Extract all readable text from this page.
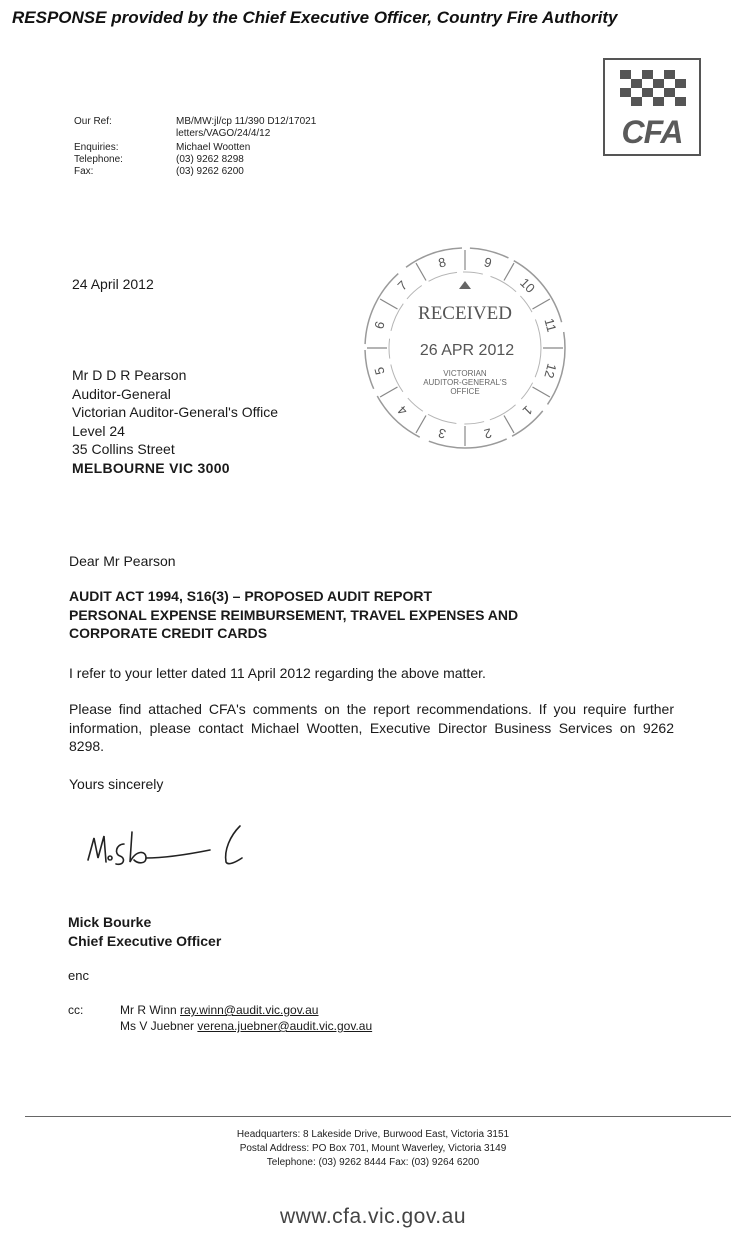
RESPONSE provided by the Chief Executive Officer, Country Fire Authority
Our Ref:	MB/MW:jl/cp 11/390 D12/17021
letters/VAGO/24/4/12
Enquiries:	Michael Wootten
Telephone:	(03) 9262 8298
Fax:	(03) 9262 6200
CFA
24 April 2012
8	9
10
11
12
1
2
3
4
5
6
7
RECEIVED
26 APR 2012
VICTORIAN
AUDITOR-GENERAL'S
OFFICE
Mr D D R Pearson
Auditor-General
Victorian Auditor-General's Office
Level 24
35 Collins Street
MELBOURNE VIC 3000
Dear Mr Pearson
AUDIT ACT 1994, S16(3) – PROPOSED AUDIT REPORT
PERSONAL EXPENSE REIMBURSEMENT, TRAVEL EXPENSES AND
CORPORATE CREDIT CARDS
I refer to your letter dated 11 April 2012 regarding the above matter.
Please find attached CFA's comments on the report recommendations. If you require further information, please contact Michael Wootten, Executive Director Business Services on 9262 8298.
Yours sincerely
Mick Bourke
Chief Executive Officer
enc
cc:	Mr R Winn ray.winn@audit.vic.gov.au
Ms V Juebner verena.juebner@audit.vic.gov.au
Headquarters: 8 Lakeside Drive, Burwood East, Victoria 3151
Postal Address: PO Box 701, Mount Waverley, Victoria 3149
Telephone: (03) 9262 8444 Fax: (03) 9264 6200
www.cfa.vic.gov.au
